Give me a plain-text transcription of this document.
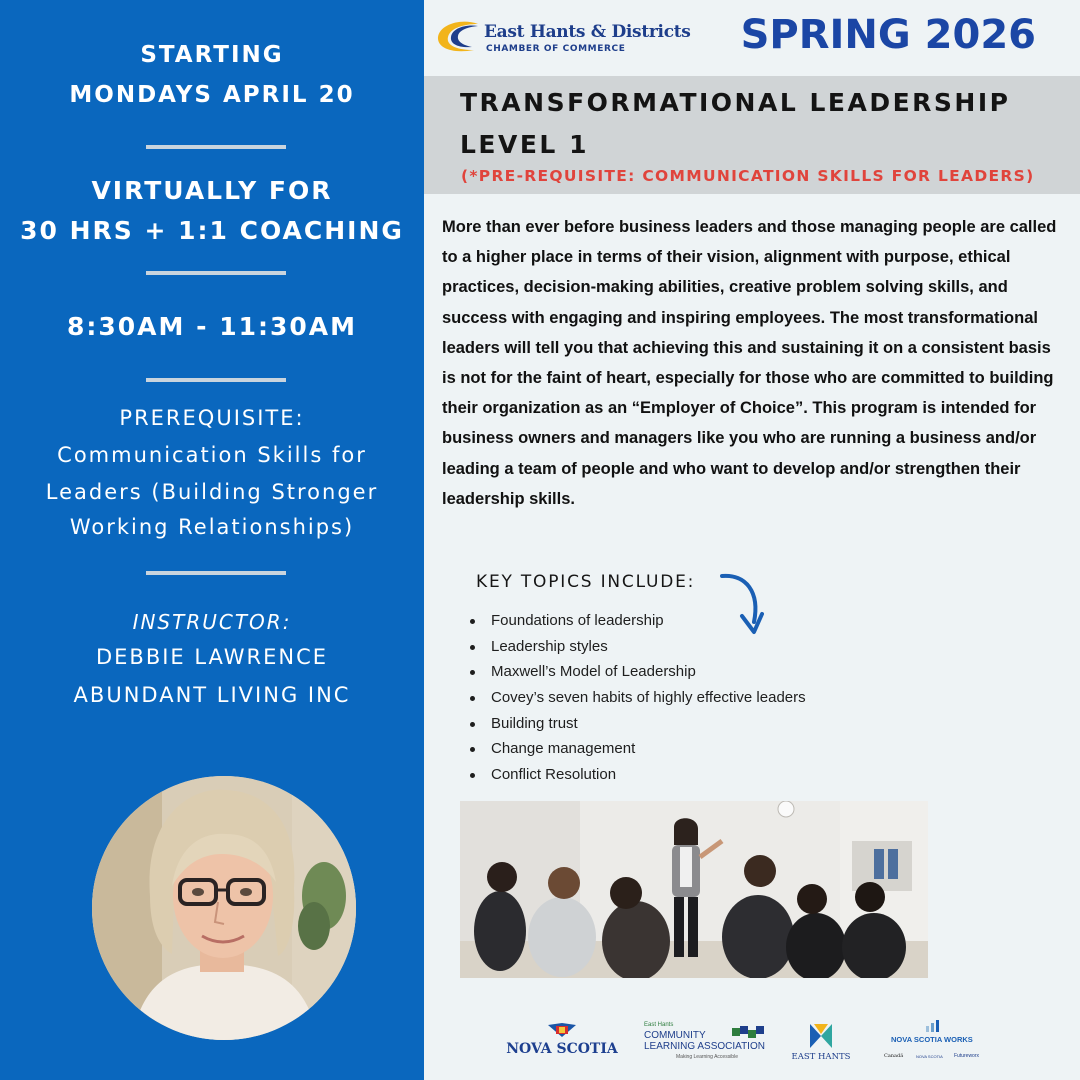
STARTING
MONDAYS APRIL 20
VIRTUALLY FOR
30 HRS + 1:1 COACHING
8:30AM - 11:30AM
PREREQUISITE:
Communication Skills for
Leaders (Building Stronger
Working Relationships)
INSTRUCTOR:
DEBBIE LAWRENCE
ABUNDANT LIVING INC
East Hants & Districts
CHAMBER OF COMMERCE	SPRING 2026
TRANSFORMATIONAL LEADERSHIP
LEVEL 1
(*PRE-REQUISITE: COMMUNICATION SKILLS FOR LEADERS)
More than ever before business leaders and those managing people are called to a higher place in terms of their vision, alignment with purpose, ethical practices, decision-making abilities, creative problem solving skills, and success with engaging and inspiring employees. The most transformational leaders will tell you that achieving this and sustaining it on a consistent basis is not for the faint of heart, especially for those who are committed to building their organization as an “Employer of Choice”. This program is intended for business owners and managers like you who are running a business and/or leading a team of people and who want to develop and/or strengthen their leadership skills.
KEY TOPICS INCLUDE:
Foundations of leadership
Leadership styles
Maxwell’s Model of Leadership
Covey’s seven habits of highly effective leaders
Building trust
Change management
Conflict Resolution
NOVA SCOTIA
East Hants
COMMUNITY
LEARNING ASSOCIATION
Making Learning Accessible	EAST HANTS
NOVA SCOTIA WORKS
Canadä	NOVA SCOTIA Futureworx
